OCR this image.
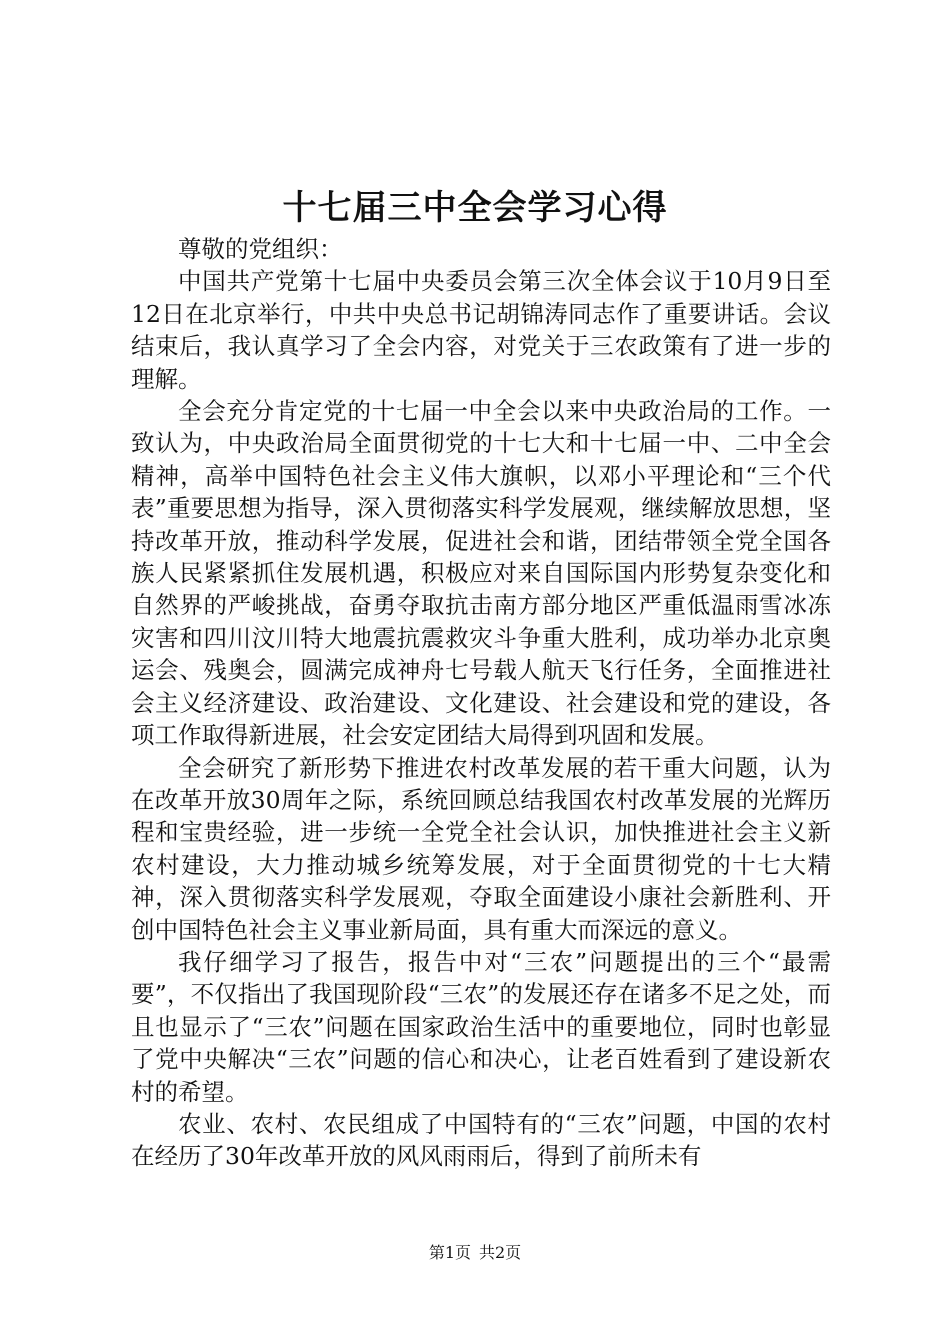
十七届三中全会学习心得

尊敬的党组织：

中国共产党第十七届中央委员会第三次全体会议于10月9日至12日在北京举行，中共中央总书记胡锦涛同志作了重要讲话。会议结束后，我认真学习了全会内容，对党关于三农政策有了进一步的理解。

全会充分肯定党的十七届一中全会以来中央政治局的工作。一致认为，中央政治局全面贯彻党的十七大和十七届一中、二中全会精神，高举中国特色社会主义伟大旗帜，以邓小平理论和“三个代表”重要思想为指导，深入贯彻落实科学发展观，继续解放思想，坚持改革开放，推动科学发展，促进社会和谐，团结带领全党全国各族人民紧紧抓住发展机遇，积极应对来自国际国内形势复杂变化和自然界的严峻挑战，奋勇夺取抗击南方部分地区严重低温雨雪冰冻灾害和四川汶川特大地震抗震救灾斗争重大胜利，成功举办北京奥运会、残奥会，圆满完成神舟七号载人航天飞行任务，全面推进社会主义经济建设、政治建设、文化建设、社会建设和党的建设，各项工作取得新进展，社会安定团结大局得到巩固和发展。

全会研究了新形势下推进农村改革发展的若干重大问题，认为在改革开放30周年之际，系统回顾总结我国农村改革发展的光辉历程和宝贵经验，进一步统一全党全社会认识，加快推进社会主义新农村建设，大力推动城乡统筹发展，对于全面贯彻党的十七大精神，深入贯彻落实科学发展观，夺取全面建设小康社会新胜利、开创中国特色社会主义事业新局面，具有重大而深远的意义。

我仔细学习了报告，报告中对“三农”问题提出的三个“最需要”，不仅指出了我国现阶段“三农”的发展还存在诸多不足之处，而且也显示了“三农”问题在国家政治生活中的重要地位，同时也彰显了党中央解决“三农”问题的信心和决心，让老百姓看到了建设新农村的希望。

农业、农村、农民组成了中国特有的“三农”问题，中国的农村在经历了30年改革开放的风风雨雨后，得到了前所未有

第1页 共2页
